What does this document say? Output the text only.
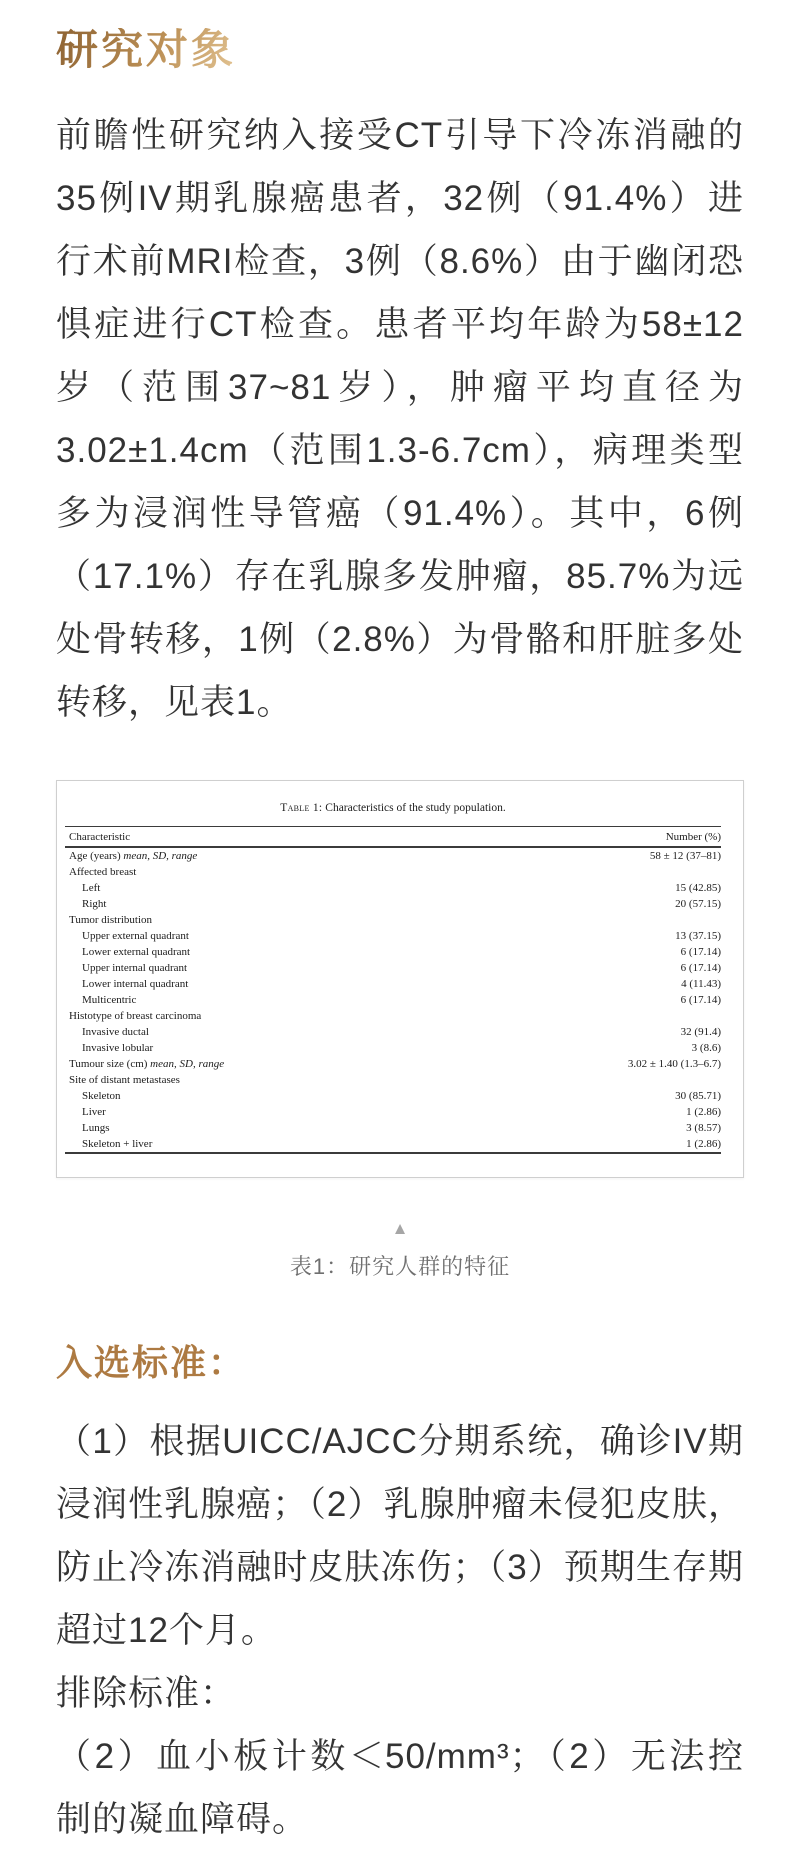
研究对象

前瞻性研究纳入接受CT引导下冷冻消融的35例IV期乳腺癌患者，32例（91.4%）进行术前MRI检查，3例（8.6%）由于幽闭恐惧症进行CT检查。患者平均年龄为58±12岁（范围37~81岁），肿瘤平均直径为3.02±1.4cm（范围1.3-6.7cm），病理类型多为浸润性导管癌（91.4%）。其中，6例（17.1%）存在乳腺多发肿瘤，85.7%为远处骨转移，1例（2.8%）为骨骼和肝脏多处转移，见表1。

Table 1: Characteristics of the study population.
Characteristic	Number (%)
Age (years) mean, SD, range	58 ± 12 (37–81)
Affected breast
Left	15 (42.85)
Right	20 (57.15)
Tumor distribution
Upper external quadrant	13 (37.15)
Lower external quadrant	6 (17.14)
Upper internal quadrant	6 (17.14)
Lower internal quadrant	4 (11.43)
Multicentric	6 (17.14)
Histotype of breast carcinoma
Invasive ductal	32 (91.4)
Invasive lobular	3 (8.6)
Tumour size (cm) mean, SD, range	3.02 ± 1.40 (1.3–6.7)
Site of distant metastases
Skeleton	30 (85.71)
Liver	1 (2.86)
Lungs	3 (8.57)
Skeleton + liver	1 (2.86)
▲
表1：研究人群的特征
入选标准：

（1）根据UICC/AJCC分期系统，确诊IV期浸润性乳腺癌；（2）乳腺肿瘤未侵犯皮肤，防止冷冻消融时皮肤冻伤；（3）预期生存期超过12个月。

排除标准：

（2）血小板计数＜50/mm³；（2）无法控制的凝血障碍。
